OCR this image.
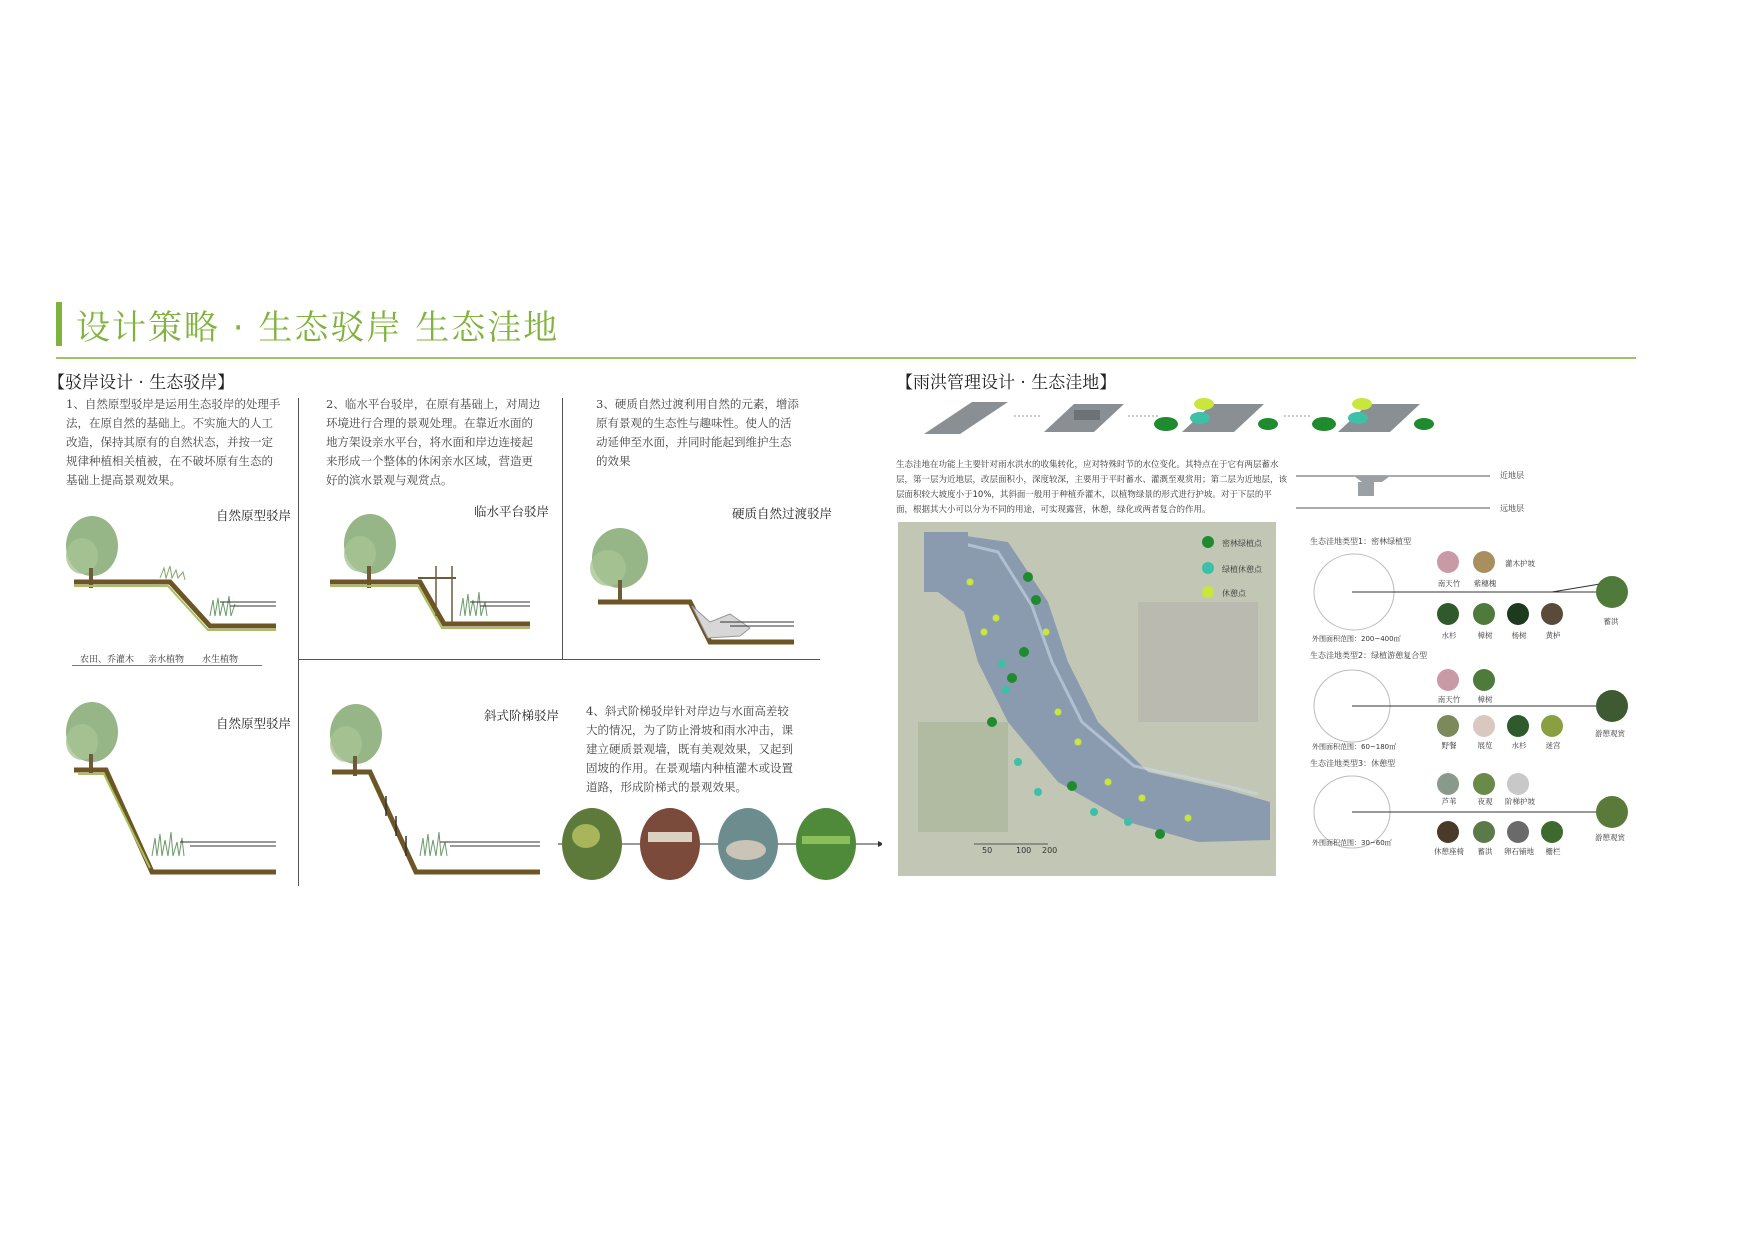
设计策略 · 生态驳岸 生态洼地
【驳岸设计 · 生态驳岸】
1、自然原型驳岸是运用生态驳岸的处理手法，在原自然的基础上。不实施大的人工改造，保持其原有的自然状态，并按一定规律种植相关植被，在不破坏原有生态的基础上提高景观效果。
2、临水平台驳岸，在原有基础上，对周边环境进行合理的景观处理。在靠近水面的地方架设亲水平台，将水面和岸边连接起来形成一个整体的休闲亲水区域，营造更好的滨水景观与观赏点。
3、硬质自然过渡利用自然的元素，增添原有景观的生态性与趣味性。使人的活动延伸至水面，并同时能起到维护生态的效果
自然原型驳岸	临水平台驳岸	硬质自然过渡驳岸
自然原型驳岸
斜式阶梯驳岸
农田、乔灌木 亲水植物 水生植物
4、斜式阶梯驳岸针对岸边与水面高差较大的情况，为了防止滑坡和雨水冲击，课建立硬质景观墙，既有美观效果，又起到固坡的作用。在景观墙内种植灌木或设置道路，形成阶梯式的景观效果。
【雨洪管理设计 · 生态洼地】
生态洼地在功能上主要针对雨水洪水的收集转化，应对特殊时节的水位变化。其特点在于它有两层蓄水层，第一层为近地层，改层面积小，深度较深，主要用于平时蓄水、灌溉至观赏用；第二层为近地层，该层面积较大坡度小于10%，其斜面一般用于种植乔灌木，以植物绿景的形式进行护坡。对于下层的平面，根据其大小可以分为不同的用途，可实现露营，休憩，绿化或两者复合的作用。
近地层
远地层
50	100 200
密林绿植点
绿植休憩点
休憩点
生态洼地类型1：密林绿植型
南天竹	紫穗槐
灌木护坡
水杉	樟树	杨树	黄栌
蓄洪
外围面积范围：200~400㎡
生态洼地类型2：绿植游憩复合型
南天竹	樟树
野餐	展览	水杉	迷宫
游憩观赏
外围面积范围：60~180㎡
生态洼地类型3：休憩型
芦苇	夜观	阶梯护坡
休憩座椅	蓄洪	卵石铺地	栅栏
游憩观赏
外围面积范围：30~60㎡
